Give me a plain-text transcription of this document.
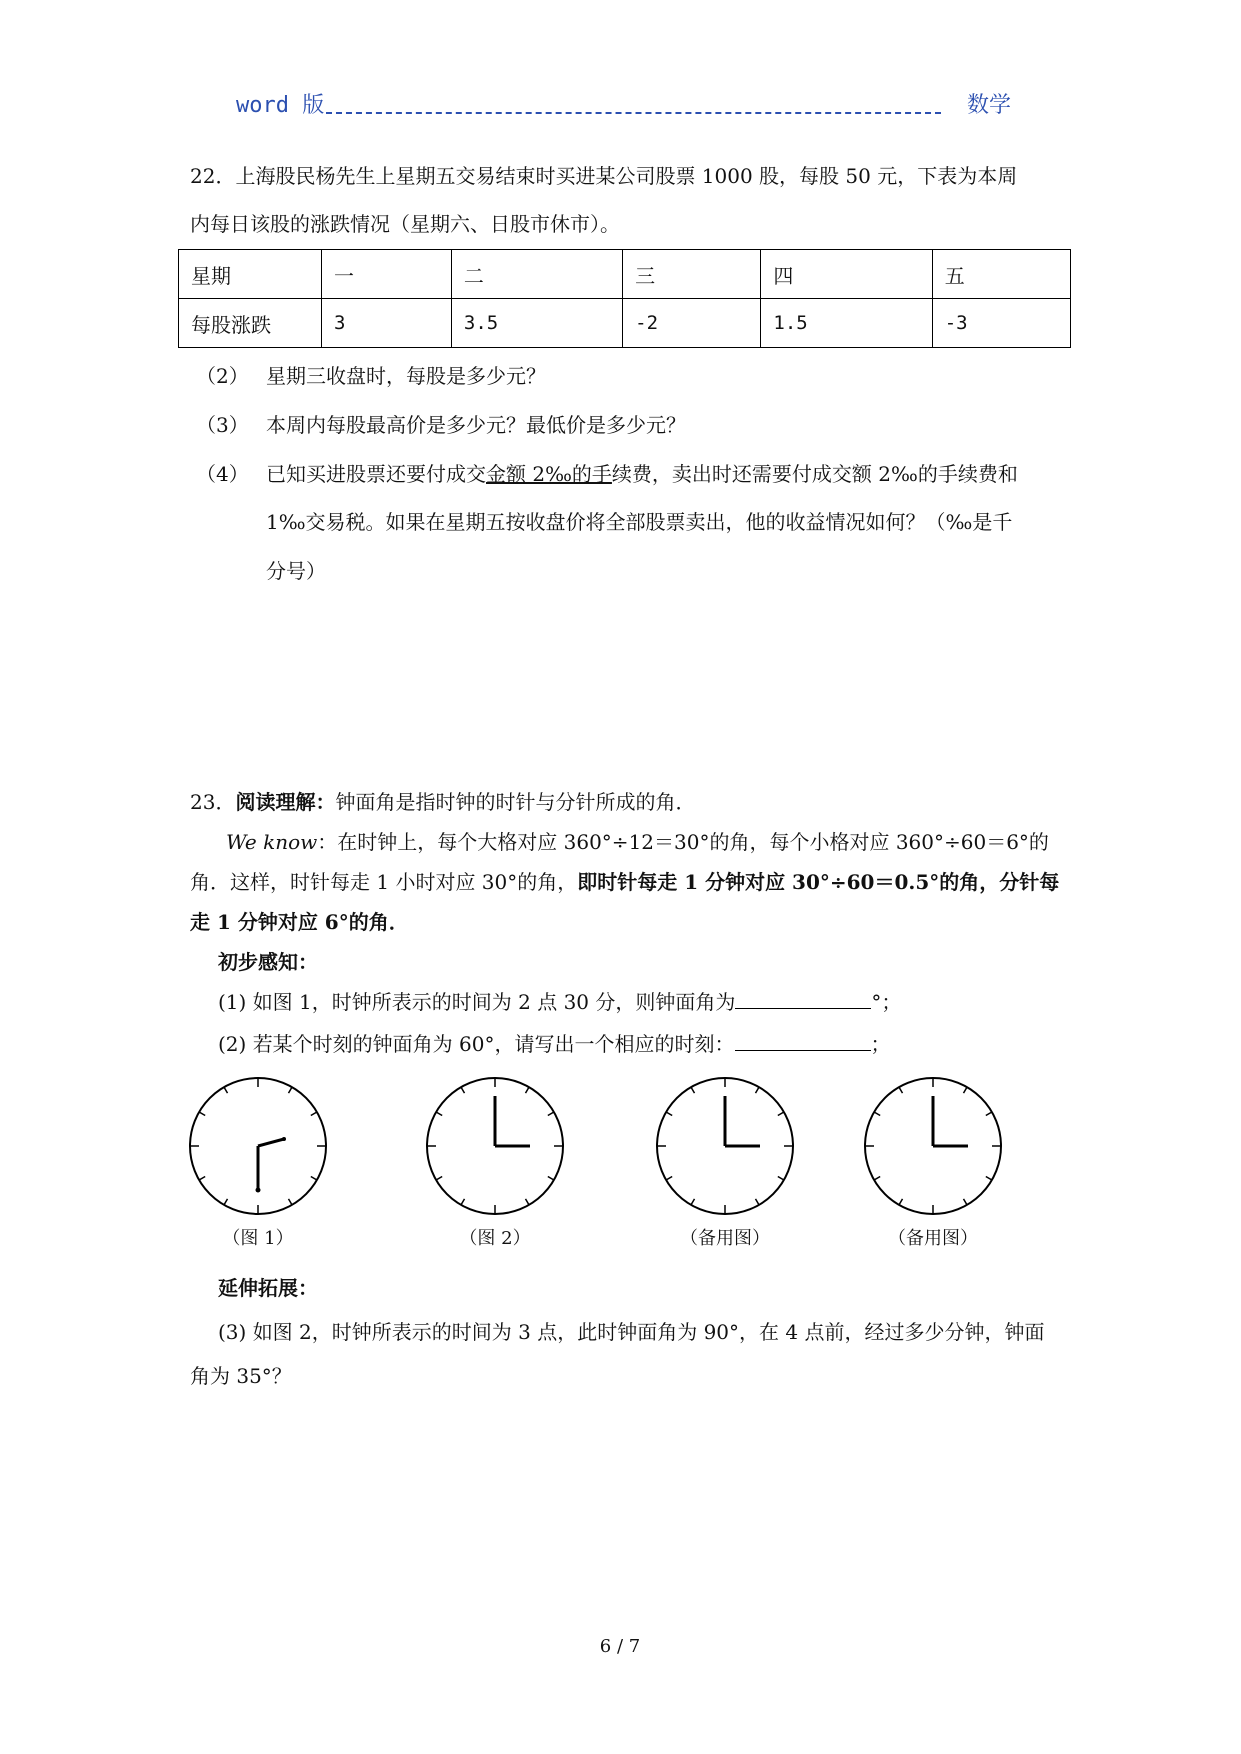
word 版	数学
22．上海股民杨先生上星期五交易结束时买进某公司股票 1000 股，每股 50 元，下表为本周
内每日该股的涨跌情况（星期六、日股市休市）。
星期	一	二	三	四	五
每股涨跌	3	3.5	-2	1.5	-3
（2） 星期三收盘时，每股是多少元？
（3） 本周内每股最高价是多少元？最低价是多少元？
（4） 已知买进股票还要付成交金额 2‰的手续费，卖出时还需要付成交额 2‰的手续费和
1‰交易税。如果在星期五按收盘价将全部股票卖出，他的收益情况如何？（‰是千
分号）
23．阅读理解：钟面角是指时钟的时针与分针所成的角．
We know：在时钟上，每个大格对应 360°÷12＝30°的角，每个小格对应 360°÷60＝6°的
角．这样，时针每走 1 小时对应 30°的角，即时针每走 1 分钟对应 30°÷60＝0.5°的角，分针每
走 1 分钟对应 6°的角．
初步感知：
(1) 如图 1，时钟所表示的时间为 2 点 30 分，则钟面角为	°；
(2) 若某个时刻的钟面角为 60°，请写出一个相应的时刻：	；
（图 1）	（图 2）	（备用图）	（备用图）
延伸拓展：
(3) 如图 2，时钟所表示的时间为 3 点，此时钟面角为 90°，在 4 点前，经过多少分钟，钟面
角为 35°？
6 / 7
